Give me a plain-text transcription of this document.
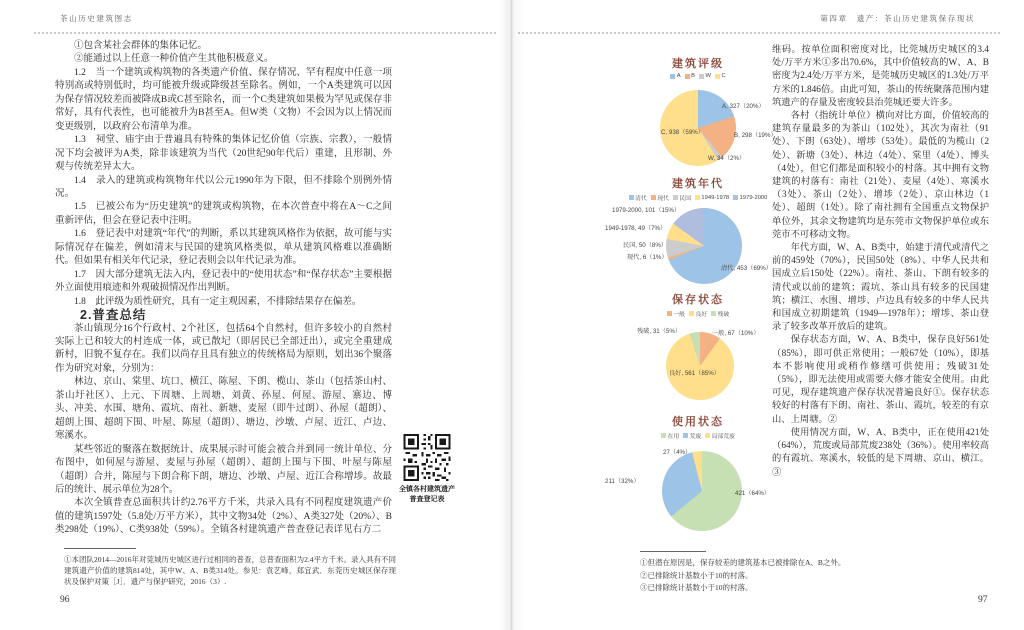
茶山历史建筑图志	第四章　遗产：茶山历史建筑保存现状

①包含某社会群体的集体记忆。

②能通过以上任意一种价值产生其他积极意义。

1.2　当一个建筑或构筑物的各类遗产价值、保存情况、罕有程度中任意一项特别高或特别低时，均可能被升级或降级甚至除名。例如，一个A类建筑可以因为保存情况较差而被降成B或C甚至除名，而一个C类建筑如果极为罕见或保存非常好，具有代表性，也可能被升为B甚至A。但W类（文物）不会因为以上情况而变更级别，以政府公布清单为准。

1.3　祠堂、庙宇由于普遍具有特殊的集体记忆价值（宗族、宗教），一般情况下均会被评为A类，除非该建筑为当代（20世纪90年代后）重建，且形制、外观与传统差异太大。

1.4　录入的建筑或构筑物年代以公元1990年为下限，但不排除个别例外情况。

1.5　已被公布为“历史建筑”的建筑或构筑物，在本次普查中将在A～C之间重新评估，但会在登记表中注明。

1.6　登记表中对建筑“年代”的判断，系以其建筑风格作为依据，故可能与实际情况存在偏差，例如清末与民国的建筑风格类似，单从建筑风格难以准确断代。但如果有相关年代记录，登记表则会以年代记录为准。

1.7　因大部分建筑无法入内，登记表中的“使用状态”和“保存状态”主要根据外立面使用痕迹和外观破损情况作出判断。

1.8　此评级为质性研究，具有一定主观因素，不排除结果存在偏差。

2.普查总结

茶山镇现分16个行政村、2个社区，包括64个自然村，但许多较小的自然村实际上已和较大的村连成一体，或已散圮（即居民已全部迁出），或完全重建成新村，旧貌不复存在。我们以尚存且具有独立的传统格局为原则，划出36个聚落作为研究对象，分别为：

林边、京山、棠里、坑口、横江、陈屋、下朗、榄山、茶山（包括茶山村、茶山圩社区）、上元、下周塘、上周塘、刘黄、孙屋、何屋、游屋、寨边、博头、冲美、水围、塘角、霞坑、南社、新塘、麦屋（即牛过朗）、孙屋（超朗）、超朗上围、超朗下围、叶屋、陈屋（超朗）、塘边、沙墩、卢屋、近江、卢边、寒溪水。

某些邻近的聚落在数据统计、成果展示时可能会被合并到同一统计单位、分布图中，如何屋与游屋、麦屋与孙屋（超朗）、超朗上围与下围、叶屋与陈屋（超朗）合并，陈屋与下朗合称下朗，塘边、沙墩、卢屋、近江合称增埗。故最后的统计、展示单位为28个。

本次全镇普查总面积共计约2.76平方千米，共录入具有不同程度建筑遗产价值的建筑1597处（5.8处/万平方米），其中文物34处（2%）、A类327处（20%）、B类298处（19%）、C类938处（59%）。全镇各村建筑遗产普查登记表详见右方二

全镇各村建筑遗产
普查登记表
①本团队2014—2016年对莞城历史城区进行过相同的普查，总普查面积为2.4平方千米。录入具有不同建筑遗产价值的建筑814处，其中W、A、B类314处。参见：袁艺峰，郑宜武．东莞历史城区保存现状及保护对策［J］．遗产与保护研究，2016（3）.
96
建筑评级
A B W C
A, 327（20%）
B, 298（19%）
W, 34（2%）
C, 938（59%）
建筑年代
清代 现代 民国 1949-1978 1979-2000
清代, 453（69%）
现代, 6（1%）
民国, 50（8%）
1949-1978, 49（7%）
1979-2000, 101（15%）
保存状态
一般 良好 残破
一般, 67（10%）
良好, 561（85%）
残破, 31（5%）
使用状态
在用 荒废 局部荒废
421（64%）
211（32%）
27（4%）

维码。按单位面积密度对比，比莞城历史城区的3.4处/万平方米①多出70.6%，其中价值较高的W、A、B密度为2.4处/万平方米，是莞城历史城区的1.3处/万平方米的1.846倍。由此可知，茶山的传统聚落范围内建筑遗产的存量及密度较县治莞城还要大许多。

各村（指统计单位）横向对比方面，价值较高的建筑存量最多的为茶山（102处），其次为南社（91处）、下朗（63处）、增埗（53处）。最低的为榄山（2处）、新塘（3处）、林边（4处）、棠里（4处）、博头（4处），但它们都是面积较小的村落。其中拥有文物建筑的村落有：南社（21处）、麦屋（4处）、寒溪水（3处）、茶山（2处）、增埗（2处）、京山林边（1处）、超朗（1处）。除了南社拥有全国重点文物保护单位外，其余文物建筑均是东莞市文物保护单位或东莞市不可移动文物。

年代方面，W、A、B类中，始建于清代或清代之前的459处（70%），民国50处（8%）、中华人民共和国成立后150处（22%）。南社、茶山、下朗有较多的清代或以前的建筑；霞坑、茶山具有较多的民国建筑；横江、水围、增埗、卢边具有较多的中华人民共和国成立初期建筑（1949—1978年）；增埗、茶山登录了较多改革开放后的建筑。

保存状态方面，W、A、B类中，保存良好561处（85%），即可供正常使用；一般67处（10%），即基本不影响使用或稍作修缮可供使用；残破31处（5%），即无法使用或需要大修才能安全使用。由此可见，现存建筑遗产保存状况普遍良好①。保存状态较好的村落有下朗、南社、茶山、霞坑，较差的有京山、上周塘。②

使用情况方面，W、A、B类中，正在使用421处（64%），荒废或局部荒废238处（36%）。使用率较高的有霞坑、寒溪水，较低的是下周塘、京山、横江。③

①但潜在原因是，保存较差的建筑基本已被排除在A、B之外。
②已排除统计基数小于10的村落。
③已排除统计基数小于10的村落。
97
